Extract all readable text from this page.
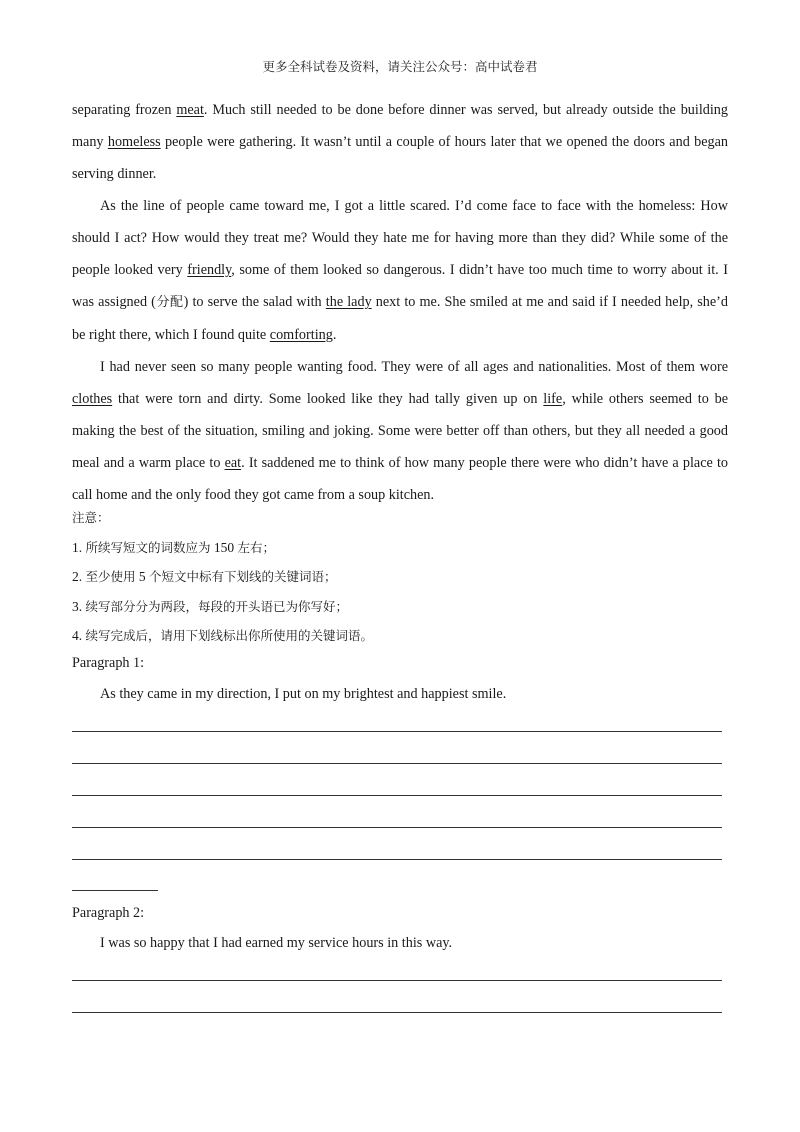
更多全科试卷及资料，请关注公众号：高中试卷君

separating frozen meat. Much still needed to be done before dinner was served, but already outside the building many homeless people were gathering. It wasn’t until a couple of hours later that we opened the doors and began serving dinner.

As the line of people came toward me, I got a little scared. I’d come face to face with the homeless: How should I act? How would they treat me? Would they hate me for having more than they did? While some of the people looked very friendly, some of them looked so dangerous. I didn’t have too much time to worry about it. I was assigned (分配) to serve the salad with the lady next to me. She smiled at me and said if I needed help, she’d be right there, which I found quite comforting.

I had never seen so many people wanting food. They were of all ages and nationalities. Most of them wore clothes that were torn and dirty. Some looked like they had tally given up on life, while others seemed to be making the best of the situation, smiling and joking. Some were better off than others, but they all needed a good meal and a warm place to eat. It saddened me to think of how many people there were who didn’t have a place to call home and the only food they got came from a soup kitchen.

注意：
1. 所续写短文的词数应为 150 左右；
2. 至少使用 5 个短文中标有下划线的关键词语；
3. 续写部分分为两段，每段的开头语已为你写好；
4. 续写完成后，请用下划线标出你所使用的关键词语。
Paragraph 1:
As they came in my direction, I put on my brightest and happiest smile.
Paragraph 2:
I was so happy that I had earned my service hours in this way.
